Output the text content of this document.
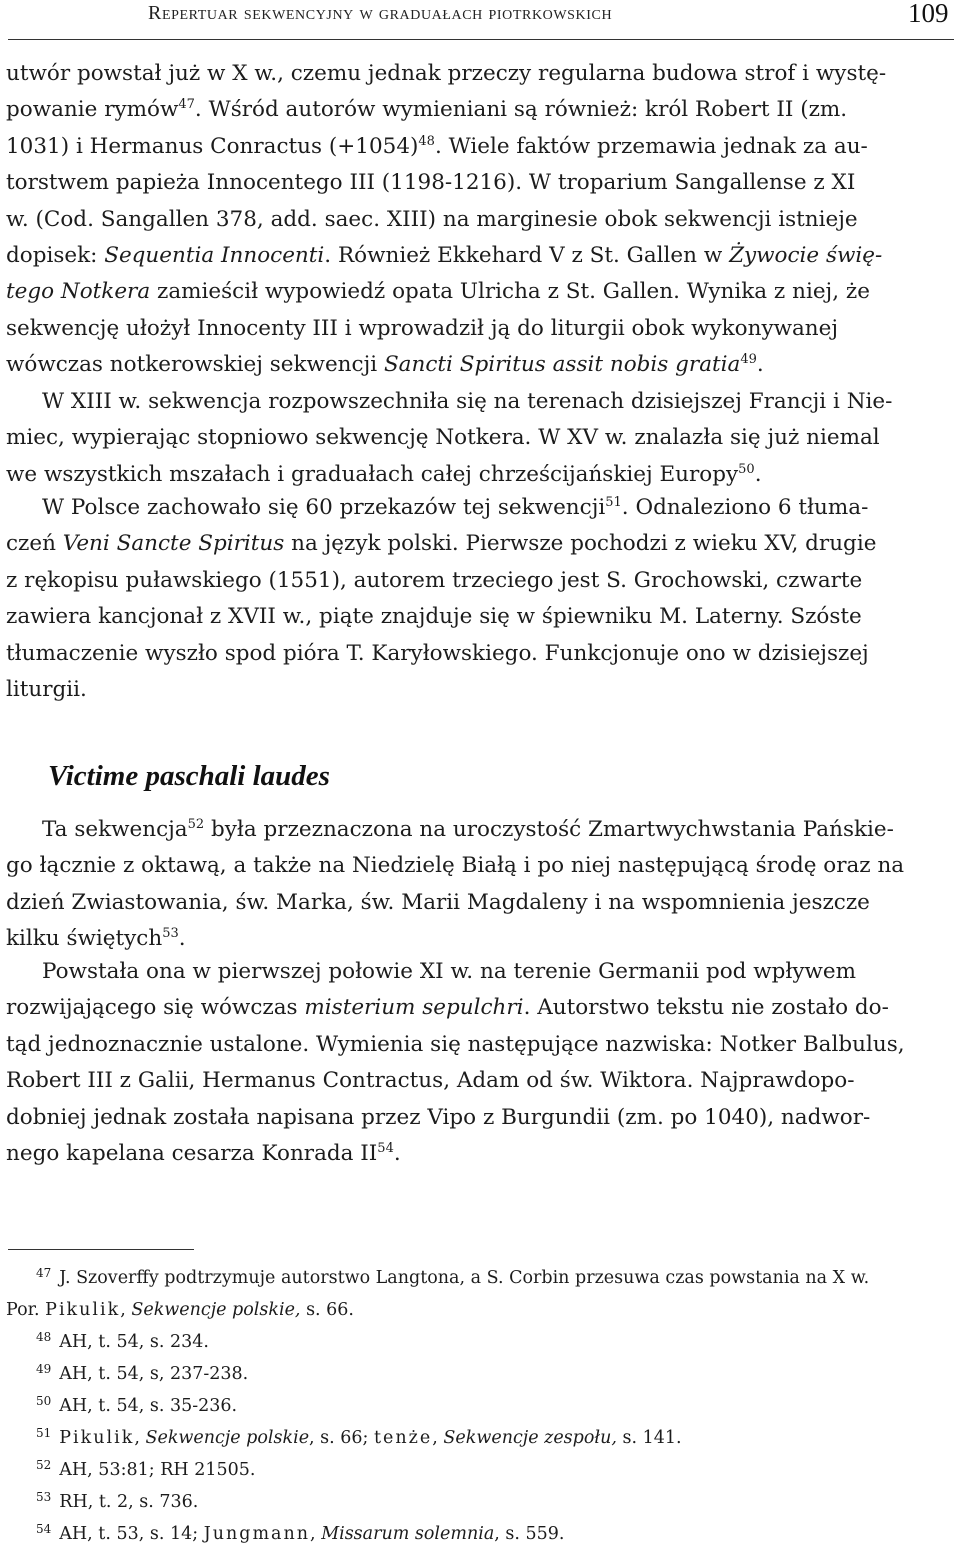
Repertuar sekwencyjny w graduałach piotrkowskich	109
utwór powstał już w X w., czemu jednak przeczy regularna budowa strof i wystę-
powanie rymów$^{47}$. Wśród autorów wymieniani są również: król Robert II (zm.
1031) i Hermanus Conractus $(+1054)^{48}$. Wiele faktów przemawia jednak za au-
torstwem papieża Innocentego III (1198-1216). W troparium Sangallense z XI
w. (Cod. Sangallen 378, add. saec. XIII) na marginesie obok sekwencji istnieje
dopisek: Sequentia Innocenti. Również Ekkehard V z St. Gallen w Żywocie świę-
tego Notkera zamieścił wypowiedź opata Ulricha z St. Gallen. Wynika z niej, że
sekwencję ułożył Innocenty III i wprowadził ją do liturgii obok wykonywanej
wówczas notkerowskiej sekwencji Sancti Spiritus assit nobis gratia$^{49}$.
W XIII w. sekwencja rozpowszechniła się na terenach dzisiejszej Francji i Nie-
miec, wypierając stopniowo sekwencję Notkera. W XV w. znalazła się już niemal
we wszystkich mszałach i graduałach całej chrześcijańskiej Europy$^{50}$.
W Polsce zachowało się 60 przekazów tej sekwencji$^{51}$. Odnaleziono 6 tłuma-
czeń Veni Sancte Spiritus na język polski. Pierwsze pochodzi z wieku XV, drugie
z rękopisu puławskiego (1551), autorem trzeciego jest S. Grochowski, czwarte
zawiera kancjonał z XVII w., piąte znajduje się w śpiewniku M. Laterny. Szóste
tłumaczenie wyszło spod pióra T. Karyłowskiego. Funkcjonuje ono w dzisiejszej
liturgii.
Victime paschali laudes
Ta sekwencja$^{52}$ była przeznaczona na uroczystość Zmartwychwstania Pańskie-
go łącznie z oktawą, a także na Niedzielę Białą i po niej następującą środę oraz na
dzień Zwiastowania, św. Marka, św. Marii Magdaleny i na wspomnienia jeszcze
kilku świętych$^{53}$.
Powstała ona w pierwszej połowie XI w. na terenie Germanii pod wpływem
rozwijającego się wówczas misterium sepulchri. Autorstwo tekstu nie zostało do-
tąd jednoznacznie ustalone. Wymienia się następujące nazwiska: Notker Balbulus,
Robert III z Galii, Hermanus Contractus, Adam od św. Wiktora. Najprawdopo-
dobniej jednak została napisana przez Vipo z Burgundii (zm. po 1040), nadwor-
nego kapelana cesarza Konrada II$^{54}$.
$^{47}$ J. Szoverffy podtrzymuje autorstwo Langtona, a S. Corbin przesuwa czas powstania na X w.
Por. Pikulik, Sekwencje polskie, s. 66.
$^{48}$ AH, t. 54, s. 234.
$^{49}$ AH, t. 54, s, 237-238.
$^{50}$ AH, t. 54, s. 35-236.
$^{51}$ Pikulik, Sekwencje polskie, s. 66; tenże, Sekwencje zespołu, s. 141.
$^{52}$ AH, 53:81; RH 21505.
$^{53}$ RH, t. 2, s. 736.
$^{54}$ AH, t. 53, s. 14; Jungmann, Missarum solemnia, s. 559.
